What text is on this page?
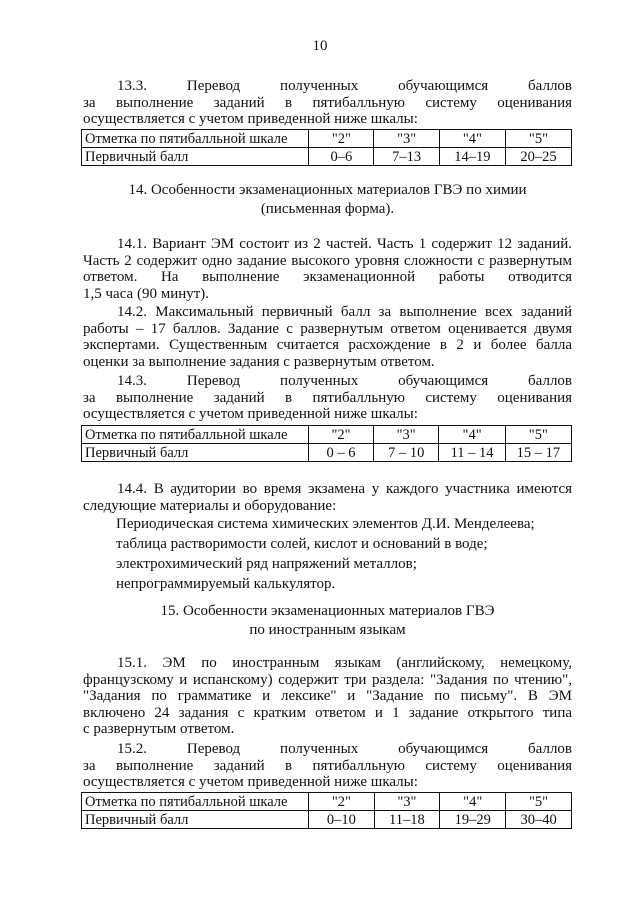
10
13.3.	Перевод	полученных	обучающимся	баллов
за выполнение заданий в пятибалльную систему оценивания
осуществляется с учетом приведенной ниже шкалы:
Отметка по пятибалльной шкале	"2"	"3"	"4"	"5"
Первичный балл	0–6	7–13	14–19	20–25
14. Особенности экзаменационных материалов ГВЭ по химии
(письменная форма).
14.1. Вариант ЭМ состоит из 2 частей. Часть 1 содержит 12 заданий.
Часть 2 содержит одно задание высокого уровня сложности с развернутым
ответом. На выполнение экзаменационной работы отводится
1,5 часа (90 минут).
14.2. Максимальный первичный балл за выполнение всех заданий
работы – 17 баллов. Задание с развернутым ответом оценивается двумя
экспертами. Существенным считается расхождение в 2 и более балла
оценки за выполнение задания с развернутым ответом.
14.3.	Перевод	полученных	обучающимся	баллов
за выполнение заданий в пятибалльную систему оценивания
осуществляется с учетом приведенной ниже шкалы:
Отметка по пятибалльной шкале	"2"	"3"	"4"	"5"
Первичный балл	0 – 6	7 – 10	11 – 14	15 – 17
14.4. В аудитории во время экзамена у каждого участника имеются
следующие материалы и оборудование:
Периодическая система химических элементов Д.И. Менделеева;
таблица растворимости солей, кислот и оснований в воде;
электрохимический ряд напряжений металлов;
непрограммируемый калькулятор.
15. Особенности экзаменационных материалов ГВЭ
по иностранным языкам
15.1. ЭМ по иностранным языкам (английскому, немецкому,
французскому и испанскому) содержит три раздела: "Задания по чтению",
"Задания по грамматике и лексике" и "Задание по письму". В ЭМ
включено 24 задания с кратким ответом и 1 задание открытого типа
с развернутым ответом.
15.2.	Перевод	полученных	обучающимся	баллов
за выполнение заданий в пятибалльную систему оценивания
осуществляется с учетом приведенной ниже шкалы:
Отметка по пятибалльной шкале	"2"	"3"	"4"	"5"
Первичный балл	0–10	11–18	19–29	30–40
